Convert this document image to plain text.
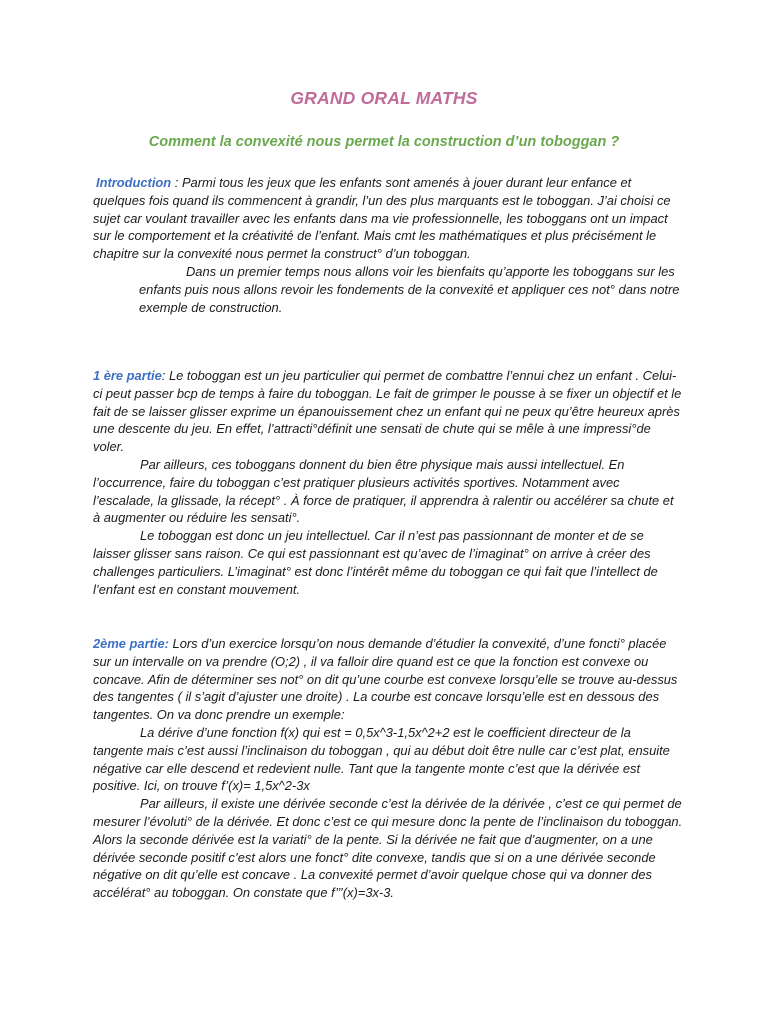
GRAND ORAL MATHS
Comment la convexité nous permet la construction d’un toboggan ?

Introduction : Parmi tous les jeux que les enfants sont amenés à jouer durant leur enfance et quelques fois quand ils commencent à grandir, l’un des plus marquants est le toboggan. J’ai choisi ce sujet car voulant travailler avec les enfants dans ma vie professionnelle, les toboggans ont un impact sur le comportement et la créativité de l’enfant. Mais cmt les mathématiques et plus précisément le chapitre sur la convexité nous permet la construct° d’un toboggan.

Dans un premier temps nous allons voir les bienfaits qu’apporte les toboggans sur les enfants puis nous allons revoir les fondements de la convexité et appliquer ces not° dans notre exemple de construction.

1 ère partie: Le toboggan est un jeu particulier qui permet de combattre l’ennui chez un enfant . Celui-ci peut passer bcp de temps à faire du toboggan. Le fait de grimper le pousse à se fixer un objectif et le fait de se laisser glisser exprime un épanouissement chez un enfant qui ne peux qu’être heureux après une descente du jeu. En effet, l’attracti°définit une sensati de chute qui se mêle à une impressi°de voler.

Par ailleurs, ces toboggans donnent du bien être physique mais aussi intellectuel. En l’occurrence, faire du toboggan c’est pratiquer plusieurs activités sportives. Notamment avec l’escalade, la glissade, la récept° . À force de pratiquer, il apprendra à ralentir ou accélérer sa chute et à augmenter ou réduire les sensati°.

Le toboggan est donc un jeu intellectuel. Car il n’est pas passionnant de monter et de se laisser glisser sans raison. Ce qui est passionnant est qu’avec de l’imaginat° on arrive à créer des challenges particuliers. L’imaginat° est donc l’intérêt même du toboggan ce qui fait que l’intellect de l’enfant est en constant mouvement.

2ème partie: Lors d’un exercice lorsqu’on nous demande d’étudier la convexité, d’une foncti° placée sur un intervalle on va prendre (O;2) , il va falloir dire quand est ce que la fonction est convexe ou concave. Afin de déterminer ses not° on dit qu’une courbe est convexe lorsqu’elle se trouve au-dessus des tangentes ( il s’agit d’ajuster une droite) . La courbe est concave lorsqu’elle est en dessous des tangentes. On va donc prendre un exemple:

La dérive d’une fonction f(x) qui est = 0,5x^3-1,5x^2+2 est le coefficient directeur de la tangente mais c’est aussi l’inclinaison du toboggan , qui au début doit être nulle car c’est plat, ensuite négative car elle descend et redevient nulle. Tant que la tangente monte c’est que la dérivée est positive. Ici, on trouve f’(x)= 1,5x^2-3x

Par ailleurs, il existe une dérivée seconde c’est la dérivée de la dérivée , c’est ce qui permet de mesurer l’évoluti° de la dérivée. Et donc c’est ce qui mesure donc la pente de l’inclinaison du toboggan. Alors la seconde dérivée est la variati° de la pente. Si la dérivée ne fait que d’augmenter, on a une dérivée seconde positif c’est alors une fonct° dite convexe, tandis que si on a une dérivée seconde négative on dit qu’elle est concave . La convexité permet d’avoir quelque chose qui va donner des accélérat° au toboggan. On constate que f’’’(x)=3x-3.
